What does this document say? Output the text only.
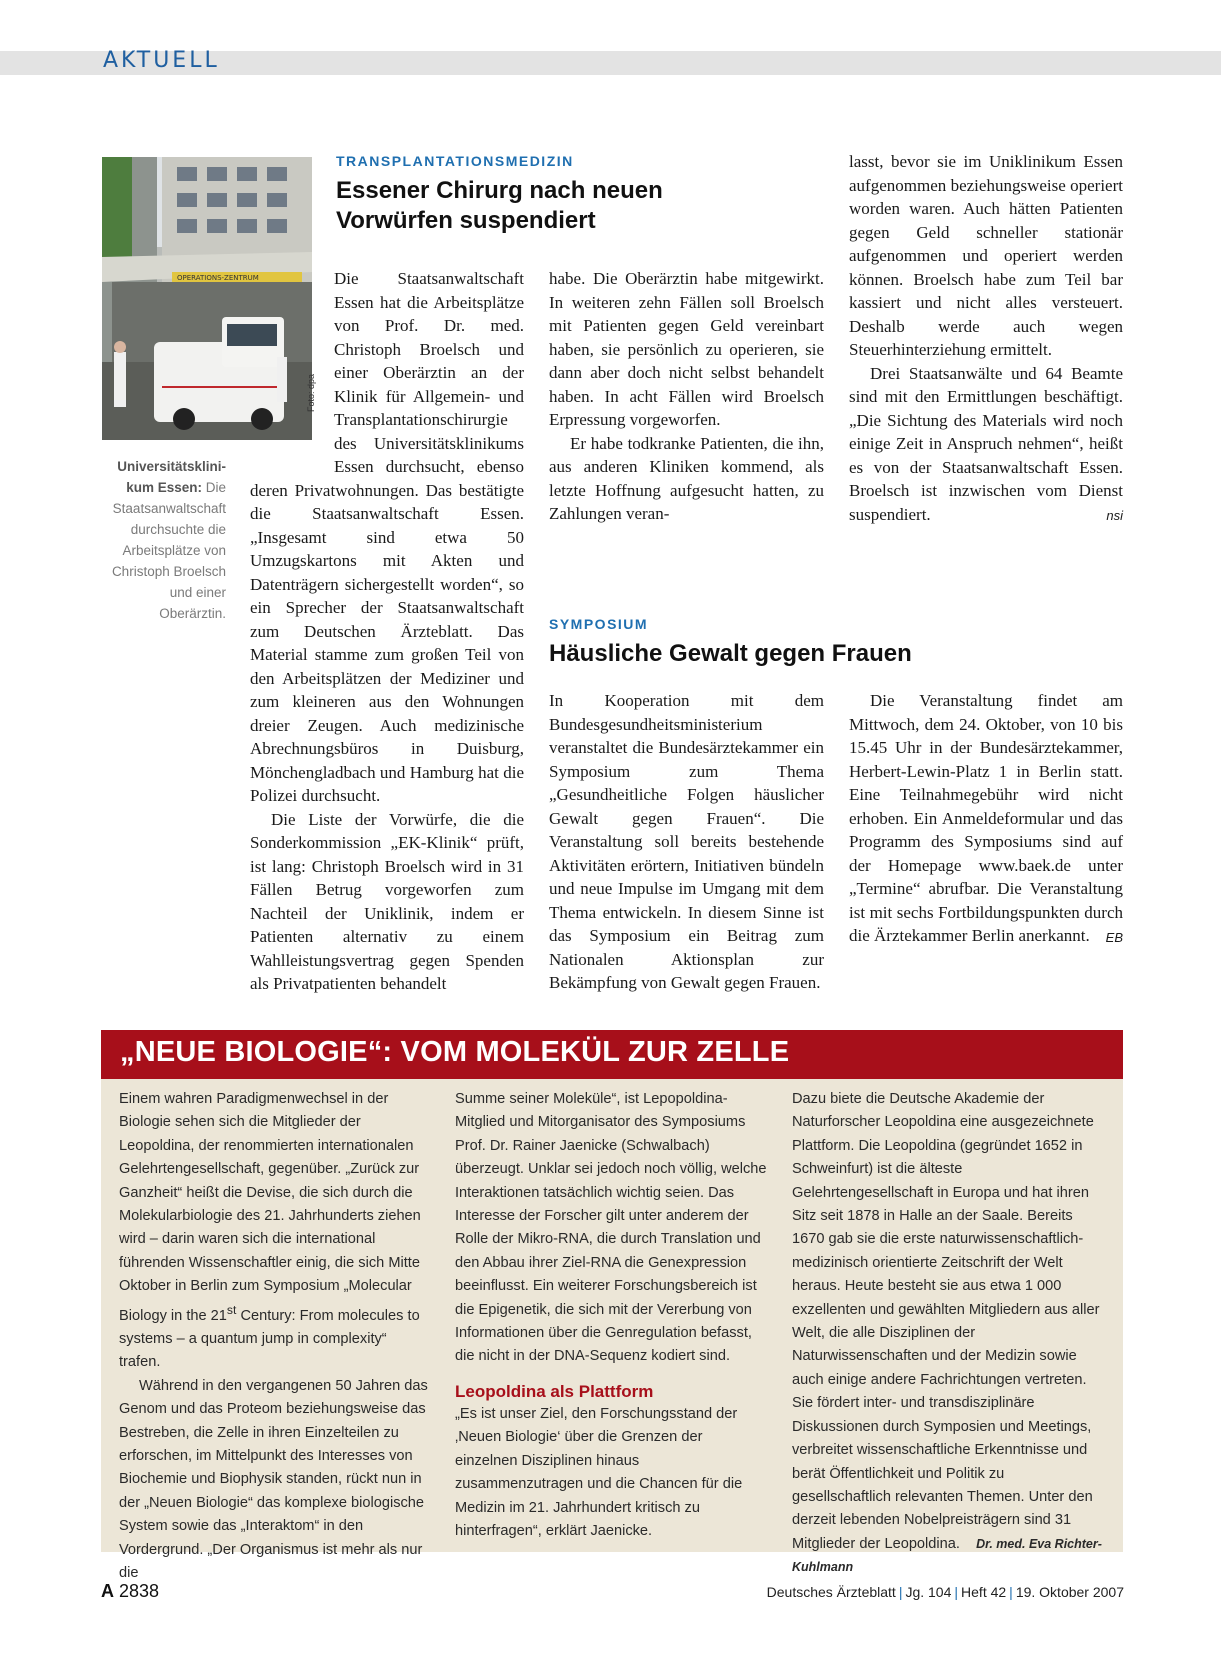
AKTUELL
OPERATIONS-ZENTRUM
Foto: dpa
Universitätsklini-kum Essen: Die Staatsanwaltschaft durchsuchte die Arbeitsplätze von Christoph Broelsch und einer Oberärztin.
TRANSPLANTATIONSMEDIZIN
Essener Chirurg nach neuen Vorwürfen suspendiert

Die Staatsanwaltschaft Essen hat die Arbeitsplätze von Prof. Dr. med. Christoph Broelsch und einer Oberärztin an der Klinik für Allgemein- und Transplantationschirurgie des Universitätsklinikums Essen durchsucht, ebenso deren Privatwohnungen. Das bestätigte die Staatsanwaltschaft Essen. „Insgesamt sind etwa 50 Umzugskartons mit Akten und Datenträgern sichergestellt worden“, so ein Sprecher der Staatsanwaltschaft zum Deutschen Ärzteblatt. Das Material stamme zum großen Teil von den Arbeitsplätzen der Mediziner und zum kleineren aus den Wohnungen dreier Zeugen. Auch medizinische Abrechnungsbüros in Duisburg, Mönchengladbach und Hamburg hat die Polizei durchsucht.

Die Liste der Vorwürfe, die die Sonderkommission „EK-Klinik“ prüft, ist lang: Christoph Broelsch wird in 31 Fällen Betrug vorgeworfen zum Nachteil der Uniklinik, indem er Patienten alternativ zu einem Wahlleistungsvertrag gegen Spenden als Privatpatienten behandelt

habe. Die Oberärztin habe mitgewirkt. In weiteren zehn Fällen soll Broelsch mit Patienten gegen Geld vereinbart haben, sie persönlich zu operieren, sie dann aber doch nicht selbst behandelt haben. In acht Fällen wird Broelsch Erpressung vorgeworfen.

Er habe todkranke Patienten, die ihn, aus anderen Kliniken kommend, als letzte Hoffnung aufgesucht hatten, zu Zahlungen veran-

lasst, bevor sie im Uniklinikum Essen aufgenommen beziehungsweise operiert worden waren. Auch hätten Patienten gegen Geld schneller stationär aufgenommen und operiert werden können. Broelsch habe zum Teil bar kassiert und nicht alles versteuert. Deshalb werde auch wegen Steuerhinterziehung ermittelt.

Drei Staatsanwälte und 64 Beamte sind mit den Ermittlungen beschäftigt. „Die Sichtung des Materials wird noch einige Zeit in Anspruch nehmen“, heißt es von der Staatsanwaltschaft Essen. Broelsch ist inzwischen vom Dienst suspendiert.	nsi
SYMPOSIUM
Häusliche Gewalt gegen Frauen

In Kooperation mit dem Bundesgesundheitsministerium veranstaltet die Bundesärztekammer ein Symposium zum Thema „Gesundheitliche Folgen häuslicher Gewalt gegen Frauen“. Die Veranstaltung soll bereits bestehende Aktivitäten erörtern, Initiativen bündeln und neue Impulse im Umgang mit dem Thema entwickeln. In diesem Sinne ist das Symposium ein Beitrag zum Nationalen Aktionsplan zur Bekämpfung von Gewalt gegen Frauen.

Die Veranstaltung findet am Mittwoch, dem 24. Oktober, von 10 bis 15.45 Uhr in der Bundesärztekammer, Herbert-Lewin-Platz 1 in Berlin statt. Eine Teilnahmegebühr wird nicht erhoben. Ein Anmeldeformular und das Programm des Symposiums sind auf der Homepage www.baek.de unter „Termine“ abrufbar. Die Veranstaltung ist mit sechs Fortbildungspunkten durch die Ärztekammer Berlin anerkannt.	EB
„NEUE BIOLOGIE“: VOM MOLEKÜL ZUR ZELLE

Einem wahren Paradigmenwechsel in der Biologie sehen sich die Mitglieder der Leopoldina, der renommierten internationalen Gelehrtengesellschaft, gegenüber. „Zurück zur Ganzheit“ heißt die Devise, die sich durch die Molekularbiologie des 21. Jahrhunderts ziehen wird – darin waren sich die international führenden Wissenschaftler einig, die sich Mitte Oktober in Berlin zum Symposium „Molecular Biology in the 21st Century: From molecules to systems – a quantum jump in complexity“ trafen.

Während in den vergangenen 50 Jahren das Genom und das Proteom beziehungsweise das Bestreben, die Zelle in ihren Einzelteilen zu erforschen, im Mittelpunkt des Interesses von Biochemie und Biophysik standen, rückt nun in der „Neuen Biologie“ das komplexe biologische System sowie das „Interaktom“ in den Vordergrund. „Der Organismus ist mehr als nur die

Summe seiner Moleküle“, ist Lepopoldina-Mitglied und Mitorganisator des Symposiums Prof. Dr. Rainer Jaenicke (Schwalbach) überzeugt. Unklar sei jedoch noch völlig, welche Interaktionen tatsächlich wichtig seien. Das Interesse der Forscher gilt unter anderem der Rolle der Mikro-RNA, die durch Translation und den Abbau ihrer Ziel-RNA die Genexpression beeinflusst. Ein weiterer Forschungsbereich ist die Epigenetik, die sich mit der Vererbung von Informationen über die Genregulation befasst, die nicht in der DNA-Sequenz kodiert sind.

Leopoldina als Plattform

„Es ist unser Ziel, den Forschungsstand der ‚Neuen Biologie‘ über die Grenzen der einzelnen Disziplinen hinaus zusammenzutragen und die Chancen für die Medizin im 21. Jahrhundert kritisch zu hinterfragen“, erklärt Jaenicke.

Dazu biete die Deutsche Akademie der Naturforscher Leopoldina eine ausgezeichnete Plattform. Die Leopoldina (gegründet 1652 in Schweinfurt) ist die älteste Gelehrtengesellschaft in Europa und hat ihren Sitz seit 1878 in Halle an der Saale. Bereits 1670 gab sie die erste naturwissenschaftlich-medizinisch orientierte Zeitschrift der Welt heraus. Heute besteht sie aus etwa 1 000 exzellenten und gewählten Mitgliedern aus aller Welt, die alle Disziplinen der Naturwissenschaften und der Medizin sowie auch einige andere Fachrichtungen vertreten. Sie fördert inter- und transdisziplinäre Diskussionen durch Symposien und Meetings, verbreitet wissenschaftliche Erkenntnisse und berät Öffentlichkeit und Politik zu gesellschaftlich relevanten Themen. Unter den derzeit lebenden Nobelpreisträgern sind 31 Mitglieder der Leopoldina. Dr. med. Eva Richter-Kuhlmann

A 2838	Deutsches Ärzteblatt | Jg. 104 | Heft 42 | 19. Oktober 2007
